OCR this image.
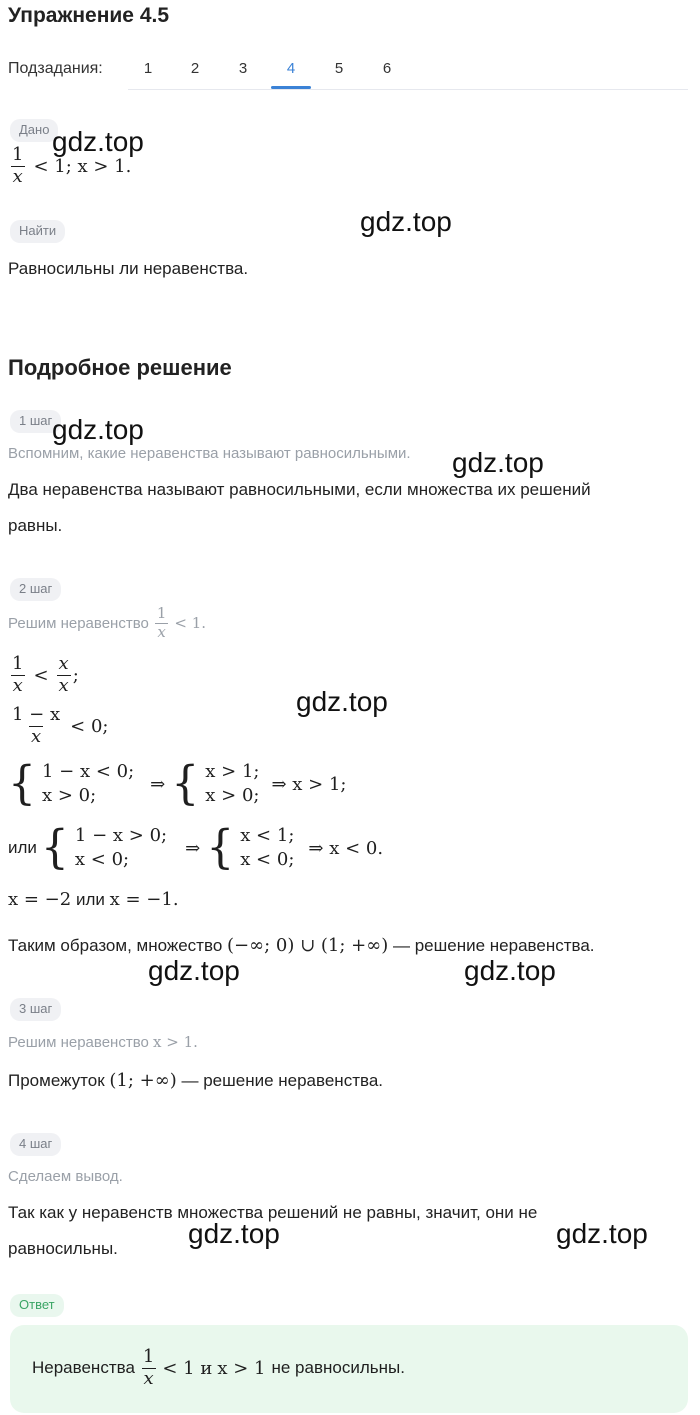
Упражнение 4.5
Подзадания:	1	2	3	4	5	6
Дано
$\frac{1}{x} < 1$; x > 1.
Найти
Равносильны ли неравенства.
Подробное решение
1 шаг
Вспомним, какие неравенства называют равносильными.
Два неравенства называют равносильными, если множества их решений
равны.
2 шаг
Решим неравенство $\frac{1}{x} < 1$.
$\frac{1}{x} < \frac{x}{x}$ ;
$\frac{1 - x}{x} < 0$;
{ 1 − x < 0;
x > 0;
⇒ { x > 1;
x > 0;
⇒ x > 1;
или { 1 − x > 0;
x < 0;
⇒ { x < 1;
x < 0;
⇒ x < 0.
x = −2 или x = −1.
Таким образом, множество (−∞; 0) ∪ (1; +∞) — решение неравенства.
3 шаг
Решим неравенство x > 1.
Промежуток (1; +∞) — решение неравенства.
4 шаг
Сделаем вывод.
Так как у неравенств множества решений не равны, значит, они не
равносильны.
Ответ
Неравенства $\frac{1}{x} < 1$ и x > 1 не равносильны.
gdz.top
gdz.top
gdz.top
gdz.top
gdz.top
gdz.top	gdz.top
gdz.top	gdz.top
